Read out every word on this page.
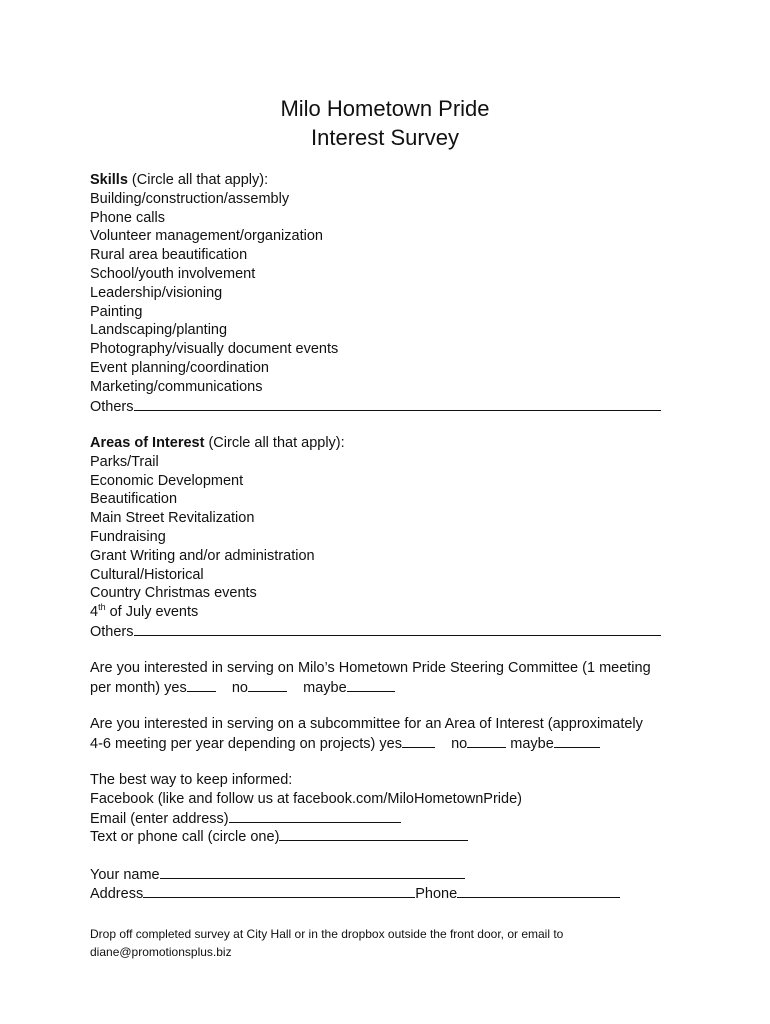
Milo Hometown Pride
Interest Survey
Skills (Circle all that apply):
Building/construction/assembly
Phone calls
Volunteer management/organization
Rural area beautification
School/youth involvement
Leadership/visioning
Painting
Landscaping/planting
Photography/visually document events
Event planning/coordination
Marketing/communications
Others
Areas of Interest (Circle all that apply):
Parks/Trail
Economic Development
Beautification
Main Street Revitalization
Fundraising
Grant Writing and/or administration
Cultural/Historical
Country Christmas events
4th of July events
Others
Are you interested in serving on Milo’s Hometown Pride Steering Committee (1 meeting
per month) yes	no	maybe
Are you interested in serving on a subcommittee for an Area of Interest (approximately
4-6 meeting per year depending on projects) yes	no	maybe
The best way to keep informed:
Facebook (like and follow us at facebook.com/MiloHometownPride)
Email (enter address)
Text or phone call (circle one)
Your name
Address	Phone
Drop off completed survey at City Hall or in the dropbox outside the front door, or email to
diane@promotionsplus.biz
